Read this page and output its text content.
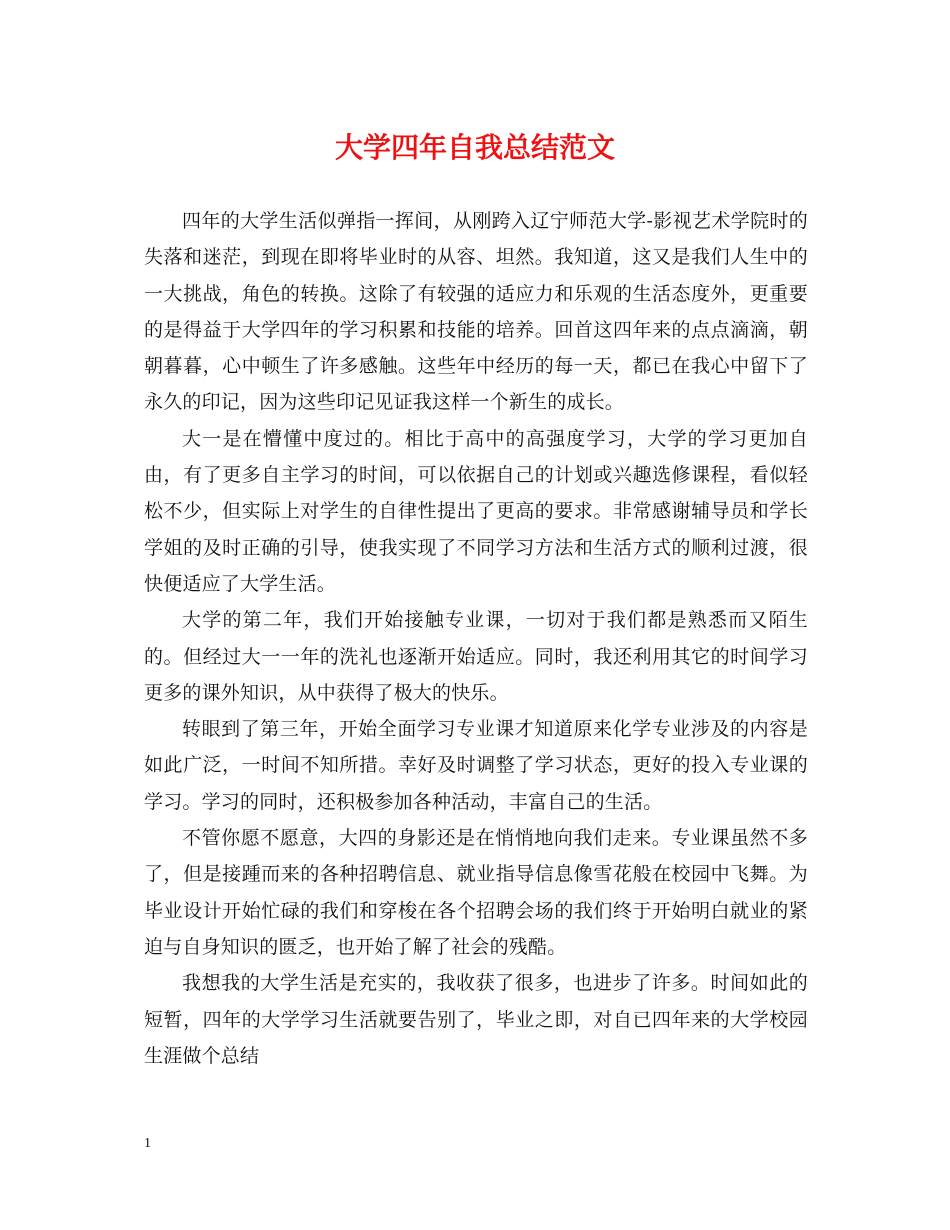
大学四年自我总结范文

四年的大学生活似弹指一挥间，从刚跨入辽宁师范大学-影视艺术学院时的失落和迷茫，到现在即将毕业时的从容、坦然。我知道，这又是我们人生中的一大挑战，角色的转换。这除了有较强的适应力和乐观的生活态度外，更重要的是得益于大学四年的学习积累和技能的培养。回首这四年来的点点滴滴，朝朝暮暮，心中顿生了许多感触。这些年中经历的每一天，都已在我心中留下了永久的印记，因为这些印记见证我这样一个新生的成长。

大一是在懵懂中度过的。相比于高中的高强度学习，大学的学习更加自由，有了更多自主学习的时间，可以依据自己的计划或兴趣选修课程，看似轻松不少，但实际上对学生的自律性提出了更高的要求。非常感谢辅导员和学长学姐的及时正确的引导，使我实现了不同学习方法和生活方式的顺利过渡，很快便适应了大学生活。

大学的第二年，我们开始接触专业课，一切对于我们都是熟悉而又陌生的。但经过大一一年的洗礼也逐渐开始适应。同时，我还利用其它的时间学习更多的课外知识，从中获得了极大的快乐。

转眼到了第三年，开始全面学习专业课才知道原来化学专业涉及的内容是如此广泛，一时间不知所措。幸好及时调整了学习状态，更好的投入专业课的学习。学习的同时，还积极参加各种活动，丰富自己的生活。

不管你愿不愿意，大四的身影还是在悄悄地向我们走来。专业课虽然不多了，但是接踵而来的各种招聘信息、就业指导信息像雪花般在校园中飞舞。为毕业设计开始忙碌的我们和穿梭在各个招聘会场的我们终于开始明白就业的紧迫与自身知识的匮乏，也开始了解了社会的残酷。

我想我的大学生活是充实的，我收获了很多，也进步了许多。时间如此的短暂，四年的大学学习生活就要告别了，毕业之即，对自已四年来的大学校园生涯做个总结

1
